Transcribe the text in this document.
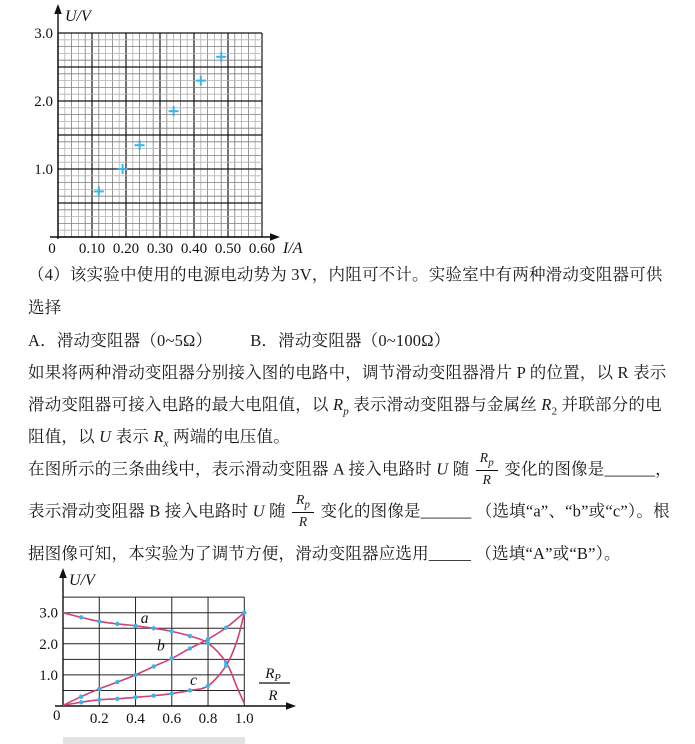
U/V
I/A
0 0.10 0.20 0.30 0.40 0.50 0.60
1.0
2.0
3.0
（4）该实验中使用的电源电动势为 3V，内阻可不计。实验室中有两种滑动变阻器可供
选择
A．滑动变阻器（0~5Ω） B．滑动变阻器（0~100Ω）
如果将两种滑动变阻器分别接入图的电路中，调节滑动变阻器滑片 P 的位置，以 R 表示
滑动变阻器可接入电路的最大电阻值，以 $R_p$ 表示滑动变阻器与金属丝 $R_2$ 并联部分的电
阻值，以 U 表示 $R_x$ 两端的电压值。
在图所示的三条曲线中，表示滑动变阻器 A 接入电路时 U 随 $\frac{R_p}{R}$ 变化的图像是______，
表示滑动变阻器 B 接入电路时 U 随 $\frac{R_p}{R}$ 变化的图像是______ （选填“a”、“b”或“c”）。根
据图像可知，本实验为了调节方便，滑动变阻器应选用_____ （选填“A”或“B”）。
U/V
0 0.2 0.4 0.6 0.8 1.0
1.0
2.0
3.0
$R_P$
R
a
b
c
